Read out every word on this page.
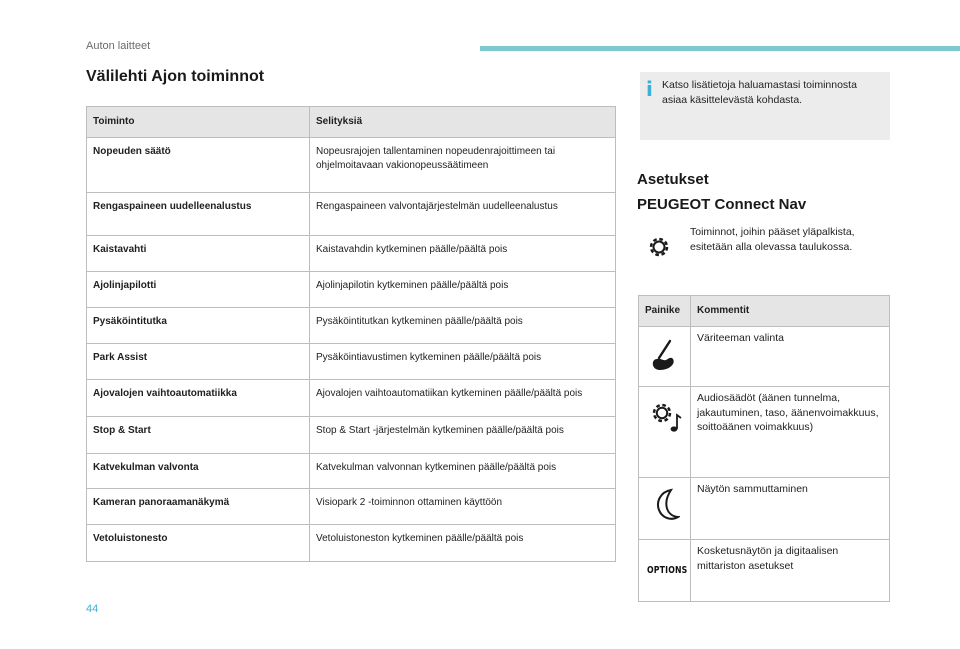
Auton laitteet
Välilehti Ajon toiminnot
Toiminto	Selityksiä
Nopeuden säätö	Nopeusrajojen tallentaminen nopeudenrajoittimeen tai ohjelmoitavaan vakionopeussäätimeen
Rengaspaineen uudelleenalustus	Rengaspaineen valvontajärjestelmän uudelleenalustus
Kaistavahti	Kaistavahdin kytkeminen päälle/päältä pois
Ajolinjapilotti	Ajolinjapilotin kytkeminen päälle/päältä pois
Pysäköintitutka	Pysäköintitutkan kytkeminen päälle/päältä pois
Park Assist	Pysäköintiavustimen kytkeminen päälle/päältä pois
Ajovalojen vaihtoautomatiikka	Ajovalojen vaihtoautomatiikan kytkeminen päälle/päältä pois
Stop & Start	Stop & Start -järjestelmän kytkeminen päälle/päältä pois
Katvekulman valvonta	Katvekulman valvonnan kytkeminen päälle/päältä pois
Kameran panoraamanäkymä	Visiopark 2 -toiminnon ottaminen käyttöön
Vetoluistonesto	Vetoluistoneston kytkeminen päälle/päältä pois
i Katso lisätietoja haluamastasi toiminnosta asiaa käsittelevästä kohdasta.
Asetukset
PEUGEOT Connect Nav
Toiminnot, joihin pääset yläpalkista, esitetään alla olevassa taulukossa.
Painike	Kommentit

	Väriteeman valinta

	Audiosäädöt (äänen tunnelma, jakautuminen, taso, äänenvoimakkuus, soittoäänen voimakkuus)

	Näytön sammuttaminen

OPTIONS	Kosketusnäytön ja digitaalisen mittariston asetukset
44
